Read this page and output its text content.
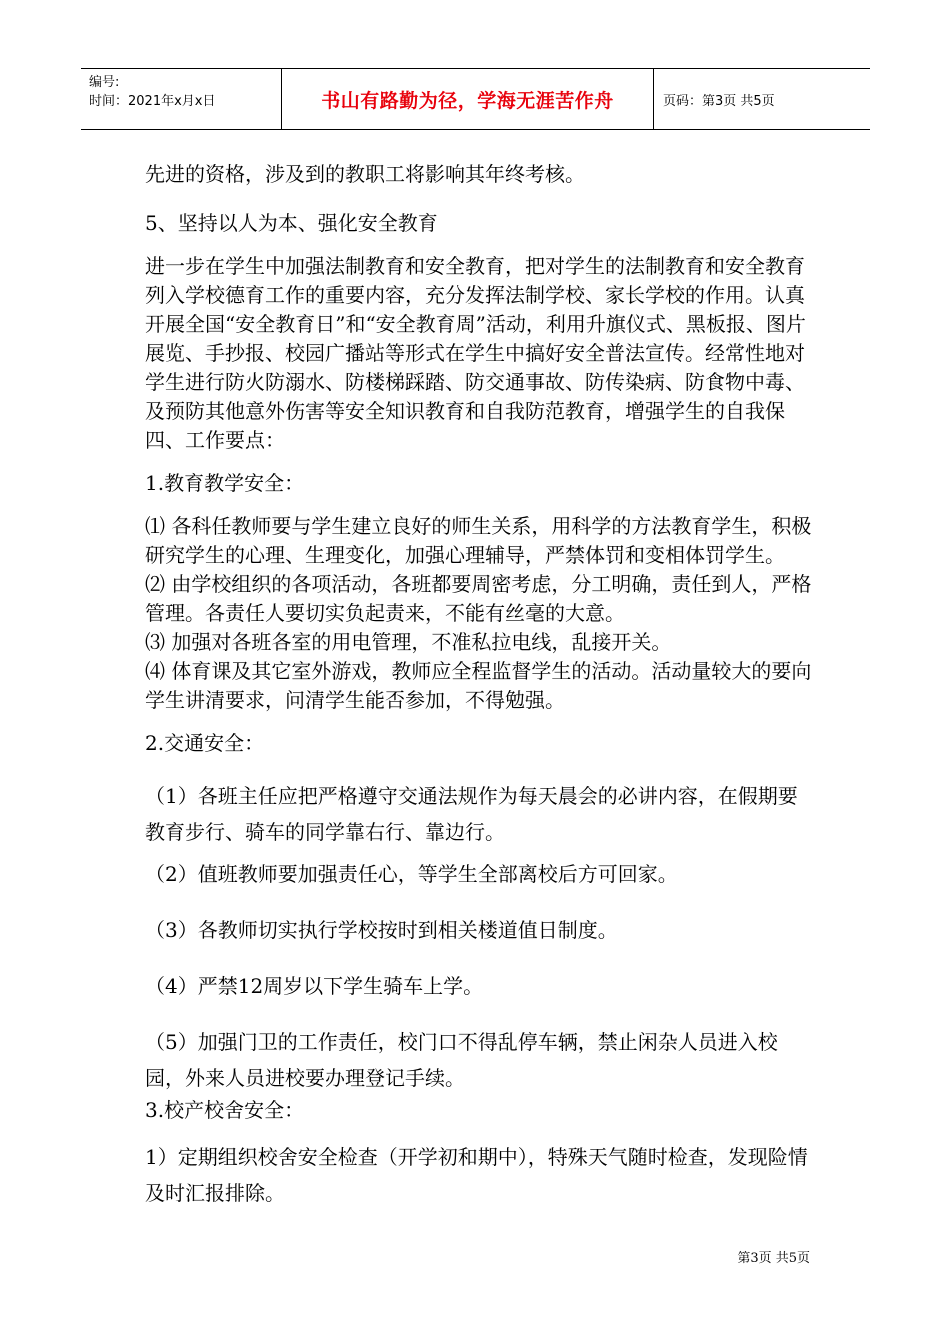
编号:
时间：2021年x月x日	书山有路勤为径，学海无涯苦作舟	页码：第3页 共5页

先进的资格，涉及到的教职工将影响其年终考核。

5、坚持以人为本、强化安全教育

进一步在学生中加强法制教育和安全教育，把对学生的法制教育和安全教育列入学校德育工作的重要内容，充分发挥法制学校、家长学校的作用。认真开展全国“安全教育日”和“安全教育周”活动，利用升旗仪式、黑板报、图片展览、手抄报、校园广播站等形式在学生中搞好安全普法宣传。经常性地对学生进行防火防溺水、防楼梯踩踏、防交通事故、防传染病、防食物中毒、及预防其他意外伤害等安全知识教育和自我防范教育，增强学生的自我保

四、工作要点：

1.教育教学安全：

⑴ 各科任教师要与学生建立良好的师生关系，用科学的方法教育学生，积极研究学生的心理、生理变化，加强心理辅导，严禁体罚和变相体罚学生。

⑵ 由学校组织的各项活动，各班都要周密考虑，分工明确，责任到人，严格管理。各责任人要切实负起责来，不能有丝毫的大意。

⑶ 加强对各班各室的用电管理，不准私拉电线，乱接开关。

⑷ 体育课及其它室外游戏，教师应全程监督学生的活动。活动量较大的要向学生讲清要求，问清学生能否参加，不得勉强。

2.交通安全：

（1）各班主任应把严格遵守交通法规作为每天晨会的必讲内容，在假期要教育步行、骑车的同学靠右行、靠边行。

（2）值班教师要加强责任心，等学生全部离校后方可回家。

（3）各教师切实执行学校按时到相关楼道值日制度。

（4）严禁12周岁以下学生骑车上学。

（5）加强门卫的工作责任，校门口不得乱停车辆，禁止闲杂人员进入校园，外来人员进校要办理登记手续。

3.校产校舍安全：

1）定期组织校舍安全检查（开学初和期中），特殊天气随时检查，发现险情及时汇报排除。

第3页 共5页
